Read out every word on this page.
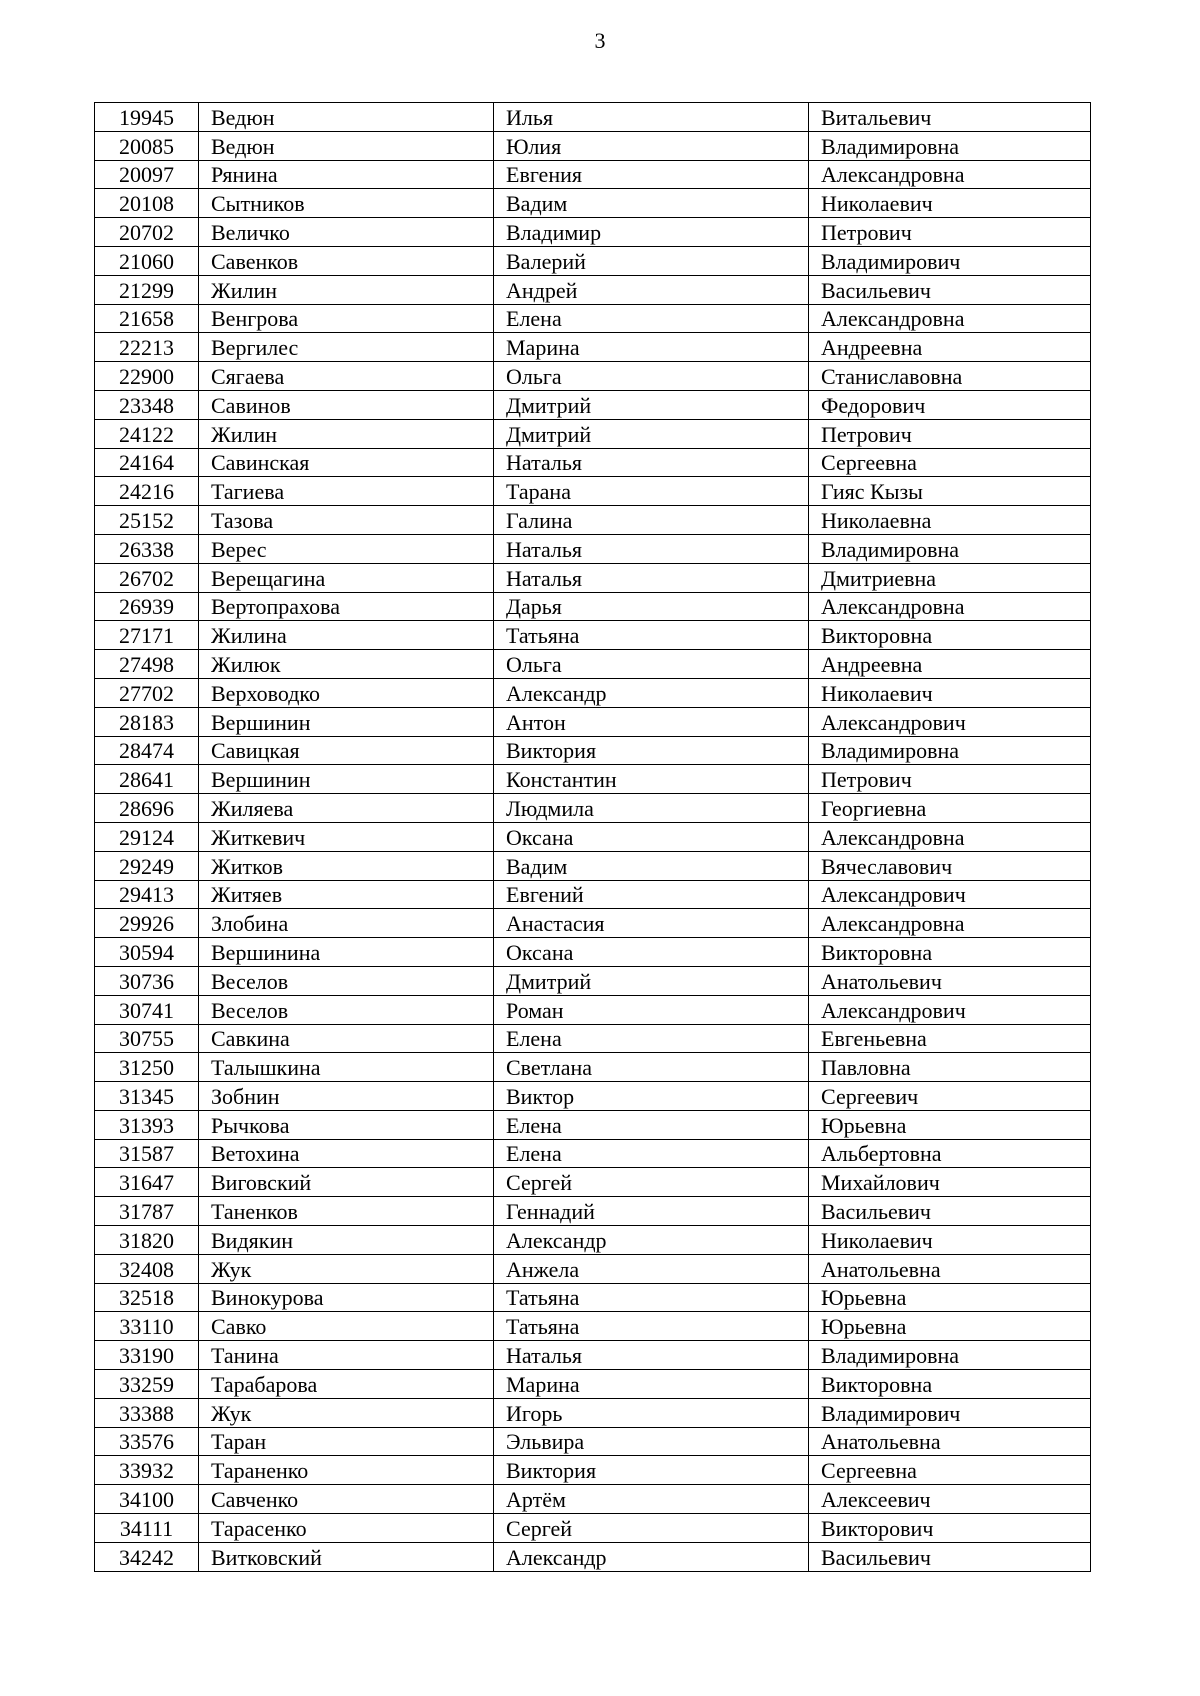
3
19945	Ведюн	Илья	Витальевич
20085	Ведюн	Юлия	Владимировна
20097	Рянина	Евгения	Александровна
20108	Сытников	Вадим	Николаевич
20702	Величко	Владимир	Петрович
21060	Савенков	Валерий	Владимирович
21299	Жилин	Андрей	Васильевич
21658	Венгрова	Елена	Александровна
22213	Вергилес	Марина	Андреевна
22900	Сягаева	Ольга	Станиславовна
23348	Савинов	Дмитрий	Федорович
24122	Жилин	Дмитрий	Петрович
24164	Савинская	Наталья	Сергеевна
24216	Тагиева	Тарана	Гияс Кызы
25152	Тазова	Галина	Николаевна
26338	Верес	Наталья	Владимировна
26702	Верещагина	Наталья	Дмитриевна
26939	Вертопрахова	Дарья	Александровна
27171	Жилина	Татьяна	Викторовна
27498	Жилюк	Ольга	Андреевна
27702	Верховодко	Александр	Николаевич
28183	Вершинин	Антон	Александрович
28474	Савицкая	Виктория	Владимировна
28641	Вершинин	Константин	Петрович
28696	Жиляева	Людмила	Георгиевна
29124	Житкевич	Оксана	Александровна
29249	Житков	Вадим	Вячеславович
29413	Житяев	Евгений	Александрович
29926	Злобина	Анастасия	Александровна
30594	Вершинина	Оксана	Викторовна
30736	Веселов	Дмитрий	Анатольевич
30741	Веселов	Роман	Александрович
30755	Савкина	Елена	Евгеньевна
31250	Талышкина	Светлана	Павловна
31345	Зобнин	Виктор	Сергеевич
31393	Рычкова	Елена	Юрьевна
31587	Ветохина	Елена	Альбертовна
31647	Виговский	Сергей	Михайлович
31787	Таненков	Геннадий	Васильевич
31820	Видякин	Александр	Николаевич
32408	Жук	Анжела	Анатольевна
32518	Винокурова	Татьяна	Юрьевна
33110	Савко	Татьяна	Юрьевна
33190	Танина	Наталья	Владимировна
33259	Тарабарова	Марина	Викторовна
33388	Жук	Игорь	Владимирович
33576	Таран	Эльвира	Анатольевна
33932	Тараненко	Виктория	Сергеевна
34100	Савченко	Артём	Алексеевич
34111	Тарасенко	Сергей	Викторович
34242	Витковский	Александр	Васильевич
